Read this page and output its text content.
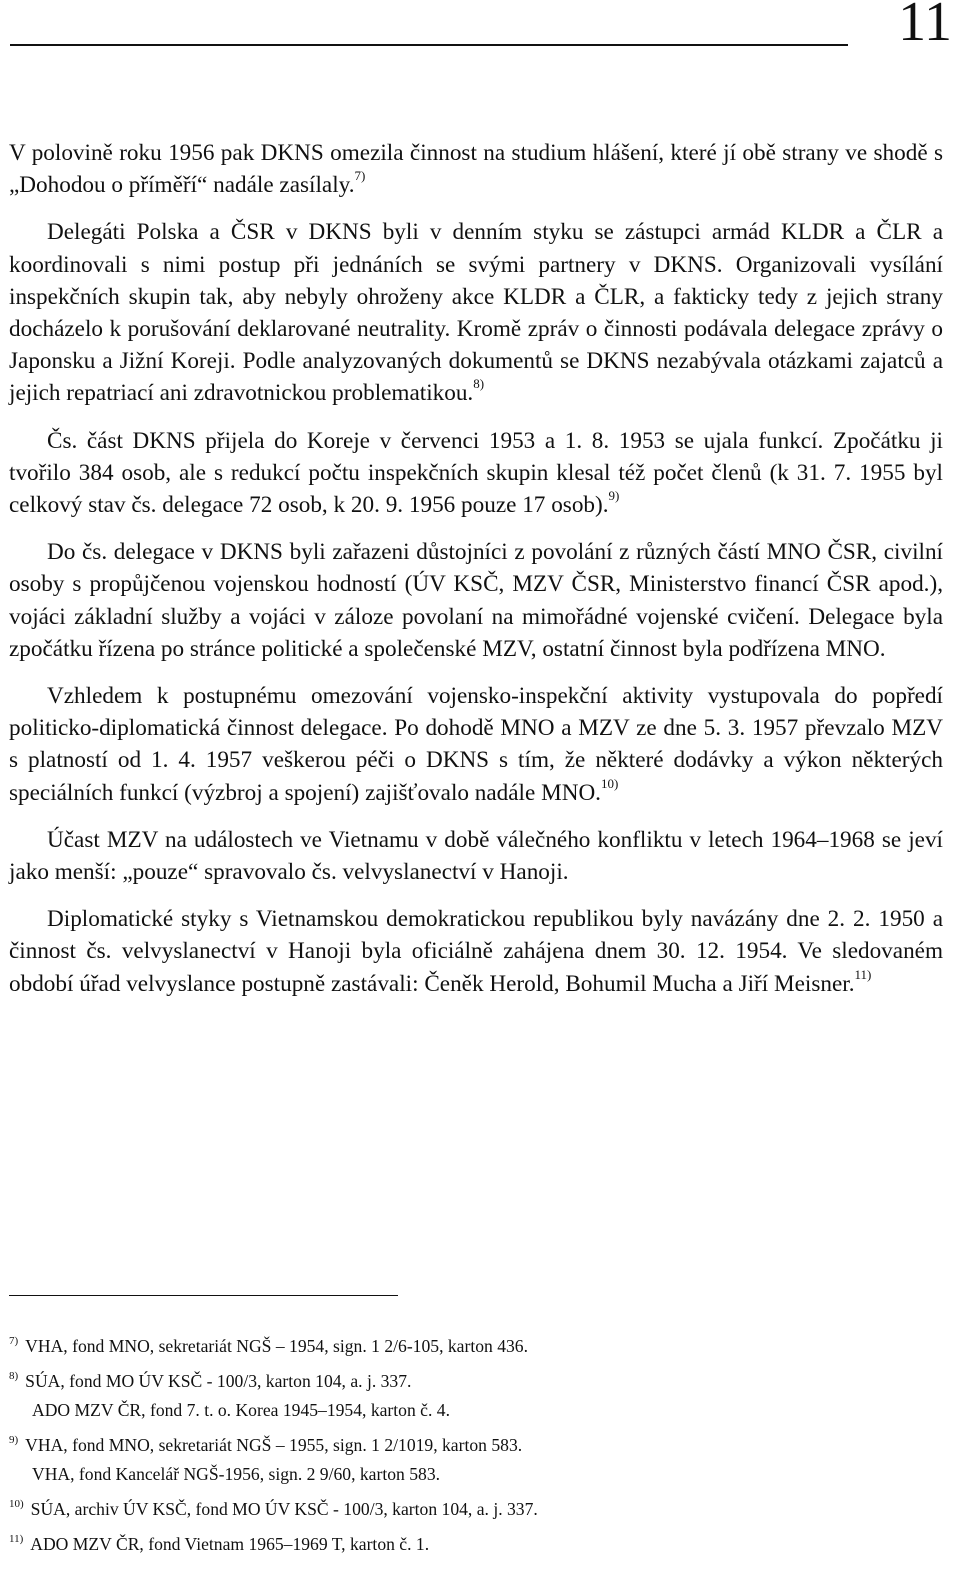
11

V polovině roku 1956 pak DKNS omezila činnost na studium hlášení, které jí obě strany ve shodě s „Dohodou o příměří“ nadále zasílaly.$^{7)}$

Delegáti Polska a ČSR v DKNS byli v denním styku se zástupci armád KLDR a ČLR a koordinovali s nimi postup při jednáních se svými partnery v DKNS. Organizovali vysílání inspekčních skupin tak, aby nebyly ohroženy akce KLDR a ČLR, a fakticky tedy z jejich strany docházelo k porušování deklarované neutrality. Kromě zpráv o činnosti podávala delegace zprávy o Japonsku a Jižní Koreji. Podle analyzovaných dokumentů se DKNS nezabývala otázkami zajatců a jejich repatriací ani zdravotnickou problematikou.$^{8)}$

Čs. část DKNS přijela do Koreje v červenci 1953 a 1. 8. 1953 se ujala funkcí. Zpočátku ji tvořilo 384 osob, ale s redukcí počtu inspekčních skupin klesal též počet členů (k 31. 7. 1955 byl celkový stav čs. delegace 72 osob, k 20. 9. 1956 pouze 17 osob).$^{9)}$

Do čs. delegace v DKNS byli zařazeni důstojníci z povolání z různých částí MNO ČSR, civilní osoby s propůjčenou vojenskou hodností (ÚV KSČ, MZV ČSR, Ministerstvo financí ČSR apod.), vojáci základní služby a vojáci v záloze povolaní na mimořádné vojenské cvičení. Delegace byla zpočátku řízena po stránce politické a společenské MZV, ostatní činnost byla podřízena MNO.

Vzhledem k postupnému omezování vojensko-inspekční aktivity vystupovala do popředí politicko-diplomatická činnost delegace. Po dohodě MNO a MZV ze dne 5. 3. 1957 převzalo MZV s platností od 1. 4. 1957 veškerou péči o DKNS s tím, že některé dodávky a výkon některých speciálních funkcí (výzbroj a spojení) zajišťovalo nadále MNO.$^{10)}$

Účast MZV na událostech ve Vietnamu v době válečného konfliktu v letech 1964–1968 se jeví jako menší: „pouze“ spravovalo čs. velvyslanectví v Hanoji.

Diplomatické styky s Vietnamskou demokratickou republikou byly navázány dne 2. 2. 1950 a činnost čs. velvyslanectví v Hanoji byla oficiálně zahájena dnem 30. 12. 1954. Ve sledovaném období úřad velvyslance postupně zastávali: Čeněk Herold, Bohumil Mucha a Jiří Meisner.$^{11)}$

$^{7)}$ VHA, fond MNO, sekretariát NGŠ – 1954, sign. 1 2/6-105, karton 436.

$^{8)}$ SÚA, fond MO ÚV KSČ - 100/3, karton 104, a. j. 337.

ADO MZV ČR, fond 7. t. o. Korea 1945–1954, karton č. 4.

$^{9)}$ VHA, fond MNO, sekretariát NGŠ – 1955, sign. 1 2/1019, karton 583.

VHA, fond Kancelář NGŠ-1956, sign. 2 9/60, karton 583.

$^{10)}$ SÚA, archiv ÚV KSČ, fond MO ÚV KSČ - 100/3, karton 104, a. j. 337.

$^{11)}$ ADO MZV ČR, fond Vietnam 1965–1969 T, karton č. 1.
